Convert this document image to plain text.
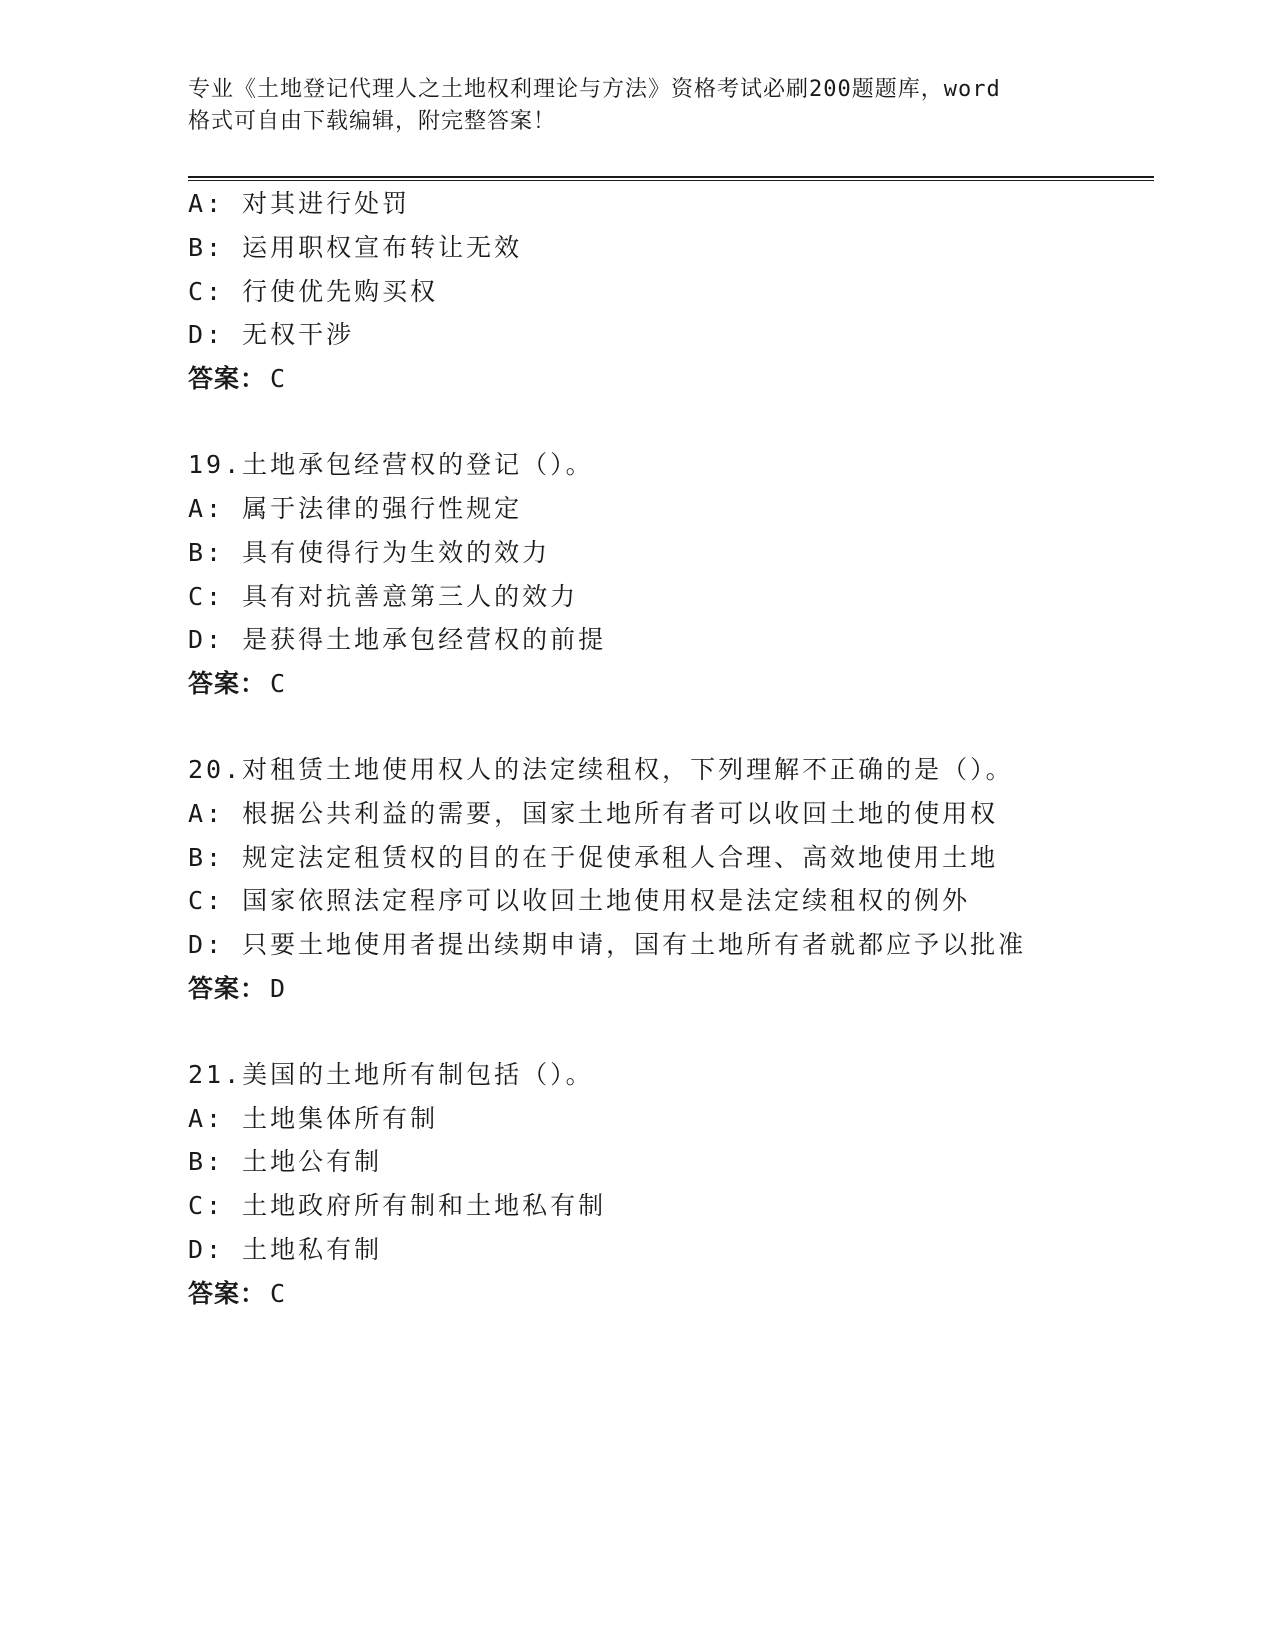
专业《土地登记代理人之土地权利理论与方法》资格考试必刷200题题库，word
格式可自由下载编辑，附完整答案！
A: 对其进行处罚
B: 运用职权宣布转让无效
C: 行使优先购买权
D: 无权干涉
答案： C
19.土地承包经营权的登记（）。
A: 属于法律的强行性规定
B: 具有使得行为生效的效力
C: 具有对抗善意第三人的效力
D: 是获得土地承包经营权的前提
答案： C
20.对租赁土地使用权人的法定续租权，下列理解不正确的是（）。
A: 根据公共利益的需要，国家土地所有者可以收回土地的使用权
B: 规定法定租赁权的目的在于促使承租人合理、高效地使用土地
C: 国家依照法定程序可以收回土地使用权是法定续租权的例外
D: 只要土地使用者提出续期申请，国有土地所有者就都应予以批准
答案： D
21.美国的土地所有制包括（）。
A: 土地集体所有制
B: 土地公有制
C: 土地政府所有制和土地私有制
D: 土地私有制
答案： C
